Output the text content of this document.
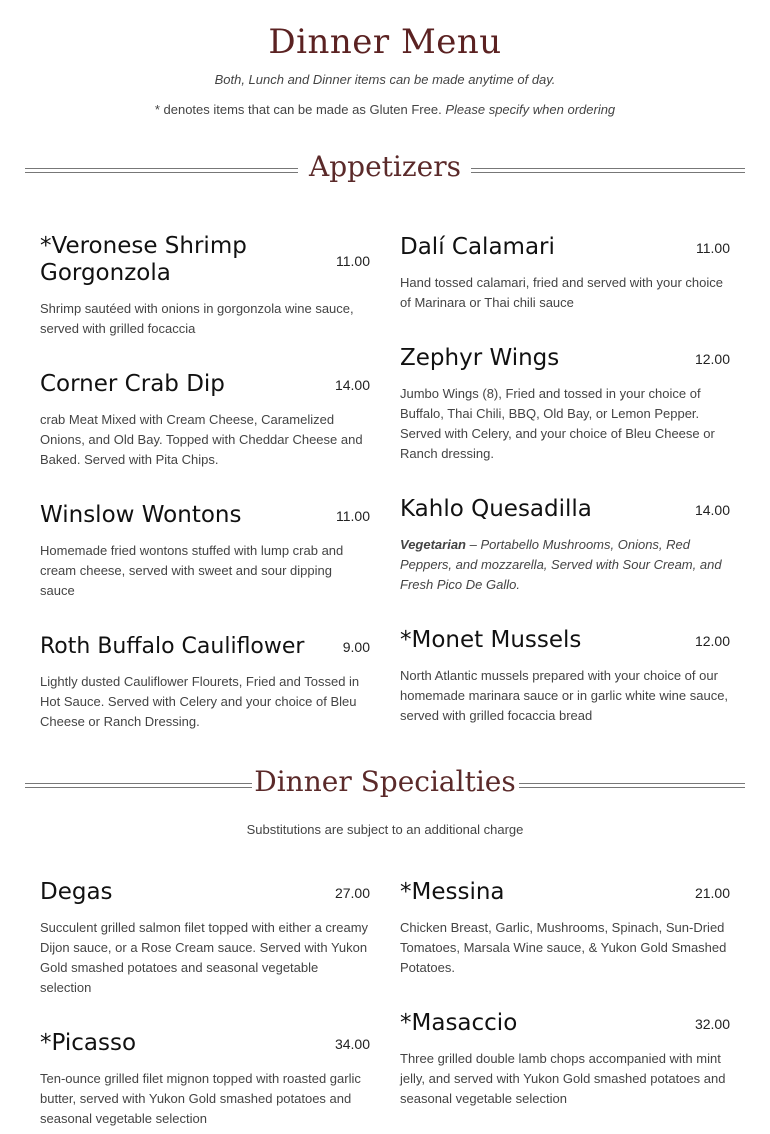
Dinner Menu
Both, Lunch and Dinner items can be made anytime of day.
* denotes items that can be made as Gluten Free. Please specify when ordering
Appetizers
11.00
*Veronese Shrimp Gorgonzola
Shrimp sautéed with onions in gorgonzola wine sauce, served with grilled focaccia
14.00
Corner Crab Dip
crab Meat Mixed with Cream Cheese, Caramelized Onions, and Old Bay. Topped with Cheddar Cheese and Baked. Served with Pita Chips.
11.00
Winslow Wontons
Homemade fried wontons stuffed with lump crab and cream cheese, served with sweet and sour dipping sauce
9.00
Roth Buffalo Cauliflower
Lightly dusted Cauliflower Flourets, Fried and Tossed in Hot Sauce. Served with Celery and your choice of Bleu Cheese or Ranch Dressing.
11.00
Dalí Calamari
Hand tossed calamari, fried and served with your choice of Marinara or Thai chili sauce
12.00
Zephyr Wings
Jumbo Wings (8), Fried and tossed in your choice of Buffalo, Thai Chili, BBQ, Old Bay, or Lemon Pepper. Served with Celery, and your choice of Bleu Cheese or Ranch dressing.
14.00
Kahlo Quesadilla
Vegetarian – Portabello Mushrooms, Onions, Red Peppers, and mozzarella, Served with Sour Cream, and Fresh Pico De Gallo.
12.00
*Monet Mussels
North Atlantic mussels prepared with your choice of our homemade marinara sauce or in garlic white wine sauce, served with grilled focaccia bread
Dinner Specialties
Substitutions are subject to an additional charge
27.00
Degas
Succulent grilled salmon filet topped with either a creamy Dijon sauce, or a Rose Cream sauce. Served with Yukon Gold smashed potatoes and seasonal vegetable selection
34.00
*Picasso
Ten-ounce grilled filet mignon topped with roasted garlic butter, served with Yukon Gold smashed potatoes and seasonal vegetable selection
21.00
*Messina
Chicken Breast, Garlic, Mushrooms, Spinach, Sun-Dried Tomatoes, Marsala Wine sauce, & Yukon Gold Smashed Potatoes.
32.00
*Masaccio
Three grilled double lamb chops accompanied with mint jelly, and served with Yukon Gold smashed potatoes and seasonal vegetable selection
